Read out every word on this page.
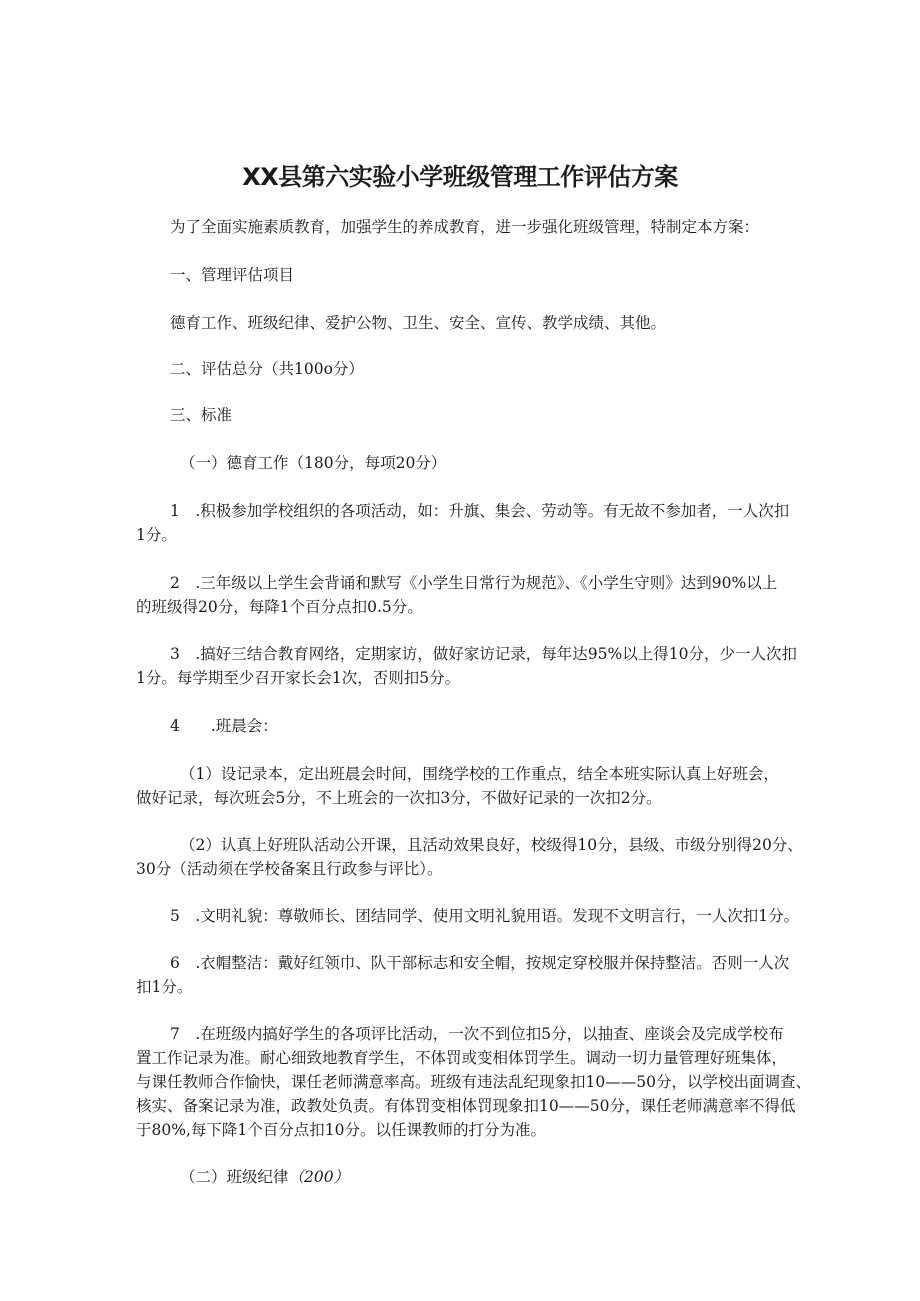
XX县第六实验小学班级管理工作评估方案
为了全面实施素质教育，加强学生的养成教育，进一步强化班级管理，特制定本方案：
一、管理评估项目
德育工作、班级纪律、爱护公物、卫生、安全、宣传、教学成绩、其他。
二、评估总分（共100o分）
三、标准
（一）德育工作（180分，每项20分）
1　.积极参加学校组织的各项活动，如：升旗、集会、劳动等。有无故不参加者，一人次扣
1分。
2　.三年级以上学生会背诵和默写《小学生日常行为规范》、《小学生守则》达到90%以上
的班级得20分，每降1个百分点扣0.5分。
3　.搞好三结合教育网络，定期家访，做好家访记录，每年达95%以上得10分，少一人次扣
1分。每学期至少召开家长会1次，否则扣5分。
4　　.班晨会：
（1）设记录本，定出班晨会时间，围绕学校的工作重点，结全本班实际认真上好班会，
做好记录，每次班会5分，不上班会的一次扣3分，不做好记录的一次扣2分。
（2）认真上好班队活动公开课，且活动效果良好，校级得10分，县级、市级分别得20分、
30分（活动须在学校备案且行政参与评比）。
5　.文明礼貌：尊敬师长、团结同学、使用文明礼貌用语。发现不文明言行，一人次扣1分。
6　.衣帽整洁：戴好红领巾、队干部标志和安全帽，按规定穿校服并保持整洁。否则一人次
扣1分。
7　.在班级内搞好学生的各项评比活动，一次不到位扣5分，以抽查、座谈会及完成学校布
置工作记录为准。耐心细致地教育学生，不体罚或变相体罚学生。调动一切力量管理好班集体，
与课任教师合作愉快，课任老师满意率高。班级有违法乱纪现象扣10——50分，以学校出面调查、
核实、备案记录为准，政教处负责。有体罚变相体罚现象扣10——50分，课任老师满意率不得低
于80%,每下降1个百分点扣10分。以任课教师的打分为准。
（二）班级纪律（200）
